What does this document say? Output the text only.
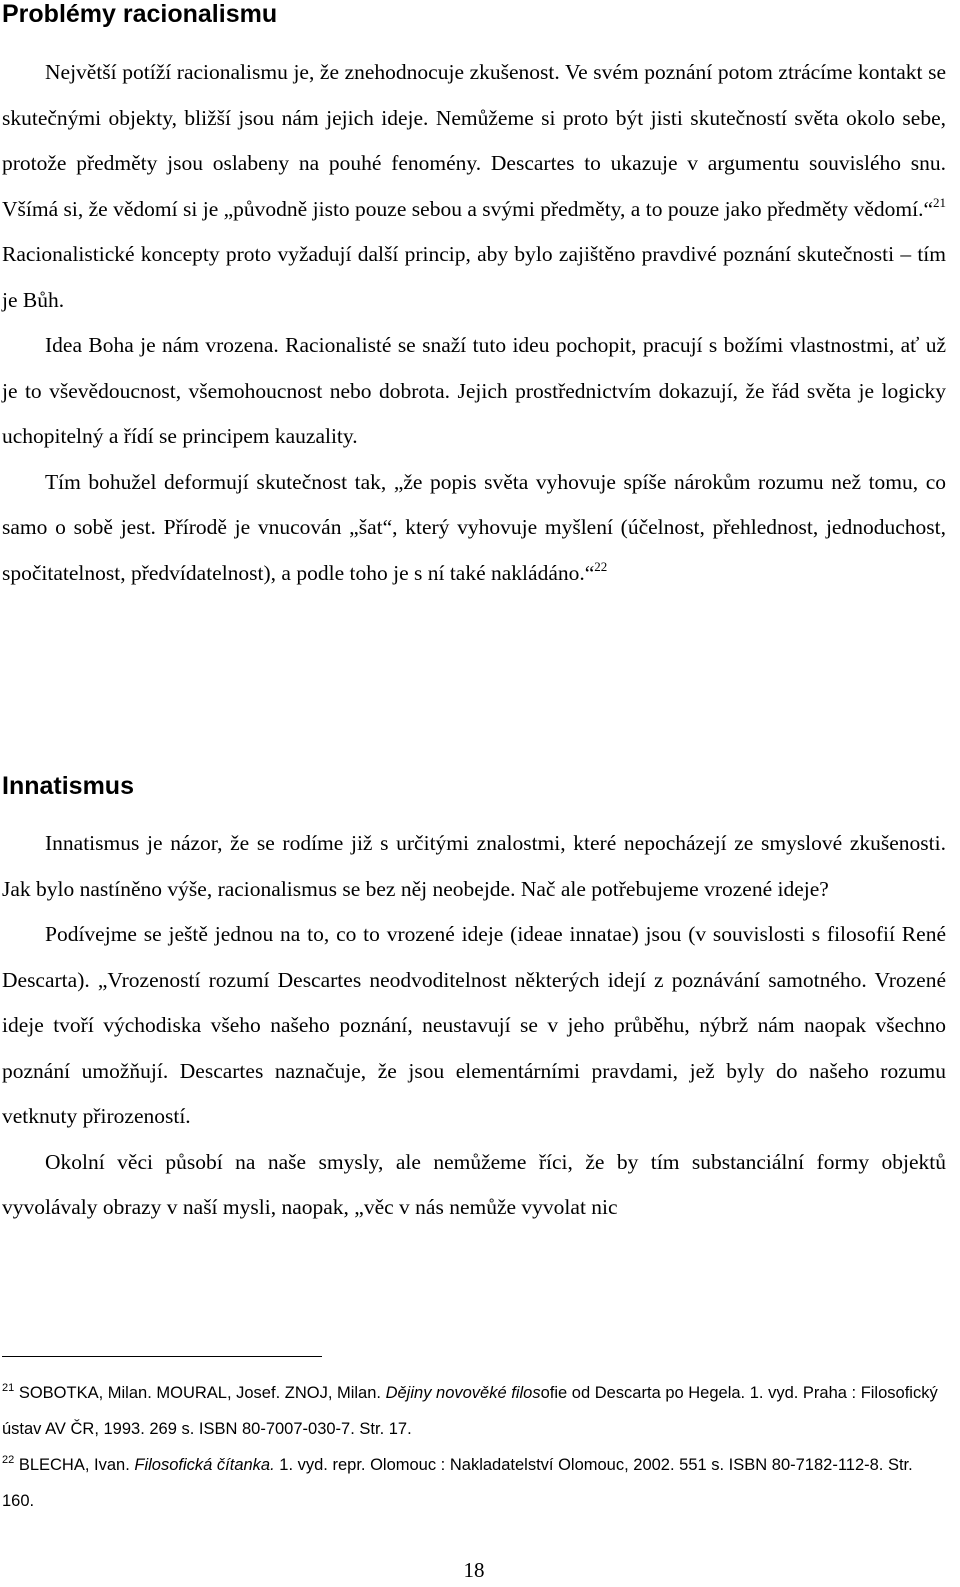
Problémy racionalismu

Největší potíží racionalismu je, že znehodnocuje zkušenost. Ve svém poznání potom ztrácíme kontakt se skutečnými objekty, bližší jsou nám jejich ideje. Nemůžeme si proto být jisti skutečností světa okolo sebe, protože předměty jsou oslabeny na pouhé fenomény. Descartes to ukazuje v argumentu souvislého snu. Všímá si, že vědomí si je „původně jisto pouze sebou a svými předměty, a to pouze jako předměty vědomí.“$^{21}$ Racionalistické koncepty proto vyžadují další princip, aby bylo zajištěno pravdivé poznání skutečnosti – tím je Bůh.

Idea Boha je nám vrozena. Racionalisté se snaží tuto ideu pochopit, pracují s božími vlastnostmi, ať už je to vševědoucnost, všemohoucnost nebo dobrota. Jejich prostřednictvím dokazují, že řád světa je logicky uchopitelný a řídí se principem kauzality.

Tím bohužel deformují skutečnost tak, „že popis světa vyhovuje spíše nárokům rozumu než tomu, co samo o sobě jest. Přírodě je vnucován „šat“, který vyhovuje myšlení (účelnost, přehlednost, jednoduchost, spočitatelnost, předvídatelnost), a podle toho je s ní také nakládáno.“$^{22}$

Innatismus

Innatismus je názor, že se rodíme již s určitými znalostmi, které nepocházejí ze smyslové zkušenosti. Jak bylo nastíněno výše, racionalismus se bez něj neobejde. Nač ale potřebujeme vrozené ideje?

Podívejme se ještě jednou na to, co to vrozené ideje (ideae innatae) jsou (v souvislosti s filosofií René Descarta). „Vrozeností rozumí Descartes neodvoditelnost některých idejí z poznávání samotného. Vrozené ideje tvoří východiska všeho našeho poznání, neustavují se v jeho průběhu, nýbrž nám naopak všechno poznání umožňují. Descartes naznačuje, že jsou elementárními pravdami, jež byly do našeho rozumu vetknuty přirozeností.

Okolní věci působí na naše smysly, ale nemůžeme říci, že by tím substanciální formy objektů vyvolávaly obrazy v naší mysli, naopak, „věc v nás nemůže vyvolat nic

$^{21}$ SOBOTKA, Milan. MOURAL, Josef. ZNOJ, Milan. Dějiny novověké filosofie od Descarta po Hegela. 1. vyd. Praha : Filosofický ústav AV ČR, 1993. 269 s. ISBN 80-7007-030-7. Str. 17.

$^{22}$ BLECHA, Ivan. Filosofická čítanka. 1. vyd. repr. Olomouc : Nakladatelství Olomouc, 2002. 551 s. ISBN 80-7182-112-8. Str. 160.

18
